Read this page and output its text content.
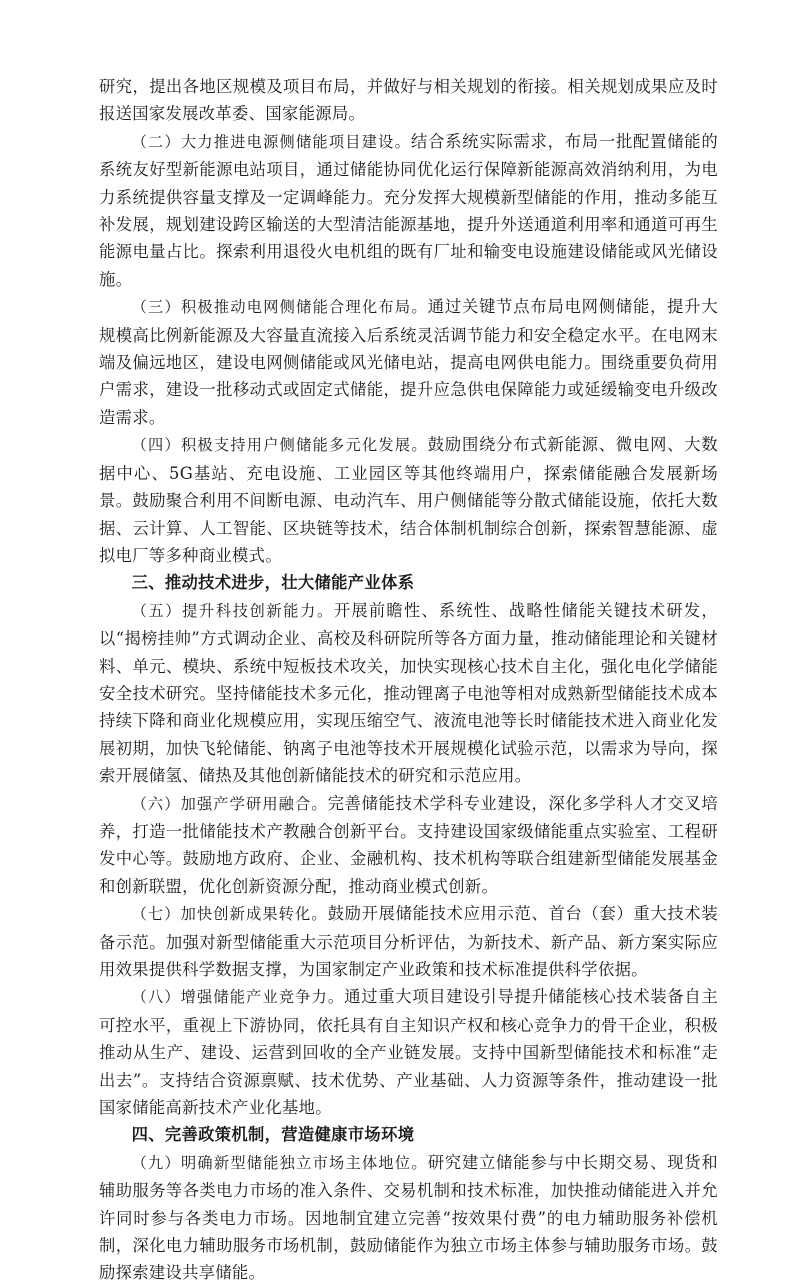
研究，提出各地区规模及项目布局，并做好与相关规划的衔接。相关规划成果应及时报送国家发展改革委、国家能源局。

（二）大力推进电源侧储能项目建设。结合系统实际需求，布局一批配置储能的系统友好型新能源电站项目，通过储能协同优化运行保障新能源高效消纳利用，为电力系统提供容量支撑及一定调峰能力。充分发挥大规模新型储能的作用，推动多能互补发展，规划建设跨区输送的大型清洁能源基地，提升外送通道利用率和通道可再生能源电量占比。探索利用退役火电机组的既有厂址和输变电设施建设储能或风光储设施。

（三）积极推动电网侧储能合理化布局。通过关键节点布局电网侧储能，提升大规模高比例新能源及大容量直流接入后系统灵活调节能力和安全稳定水平。在电网末端及偏远地区，建设电网侧储能或风光储电站，提高电网供电能力。围绕重要负荷用户需求，建设一批移动式或固定式储能，提升应急供电保障能力或延缓输变电升级改造需求。

（四）积极支持用户侧储能多元化发展。鼓励围绕分布式新能源、微电网、大数据中心、5G基站、充电设施、工业园区等其他终端用户，探索储能融合发展新场景。鼓励聚合利用不间断电源、电动汽车、用户侧储能等分散式储能设施，依托大数据、云计算、人工智能、区块链等技术，结合体制机制综合创新，探索智慧能源、虚拟电厂等多种商业模式。

三、推动技术进步，壮大储能产业体系

（五）提升科技创新能力。开展前瞻性、系统性、战略性储能关键技术研发，以“揭榜挂帅”方式调动企业、高校及科研院所等各方面力量，推动储能理论和关键材料、单元、模块、系统中短板技术攻关，加快实现核心技术自主化，强化电化学储能安全技术研究。坚持储能技术多元化，推动锂离子电池等相对成熟新型储能技术成本持续下降和商业化规模应用，实现压缩空气、液流电池等长时储能技术进入商业化发展初期，加快飞轮储能、钠离子电池等技术开展规模化试验示范，以需求为导向，探索开展储氢、储热及其他创新储能技术的研究和示范应用。

（六）加强产学研用融合。完善储能技术学科专业建设，深化多学科人才交叉培养，打造一批储能技术产教融合创新平台。支持建设国家级储能重点实验室、工程研发中心等。鼓励地方政府、企业、金融机构、技术机构等联合组建新型储能发展基金和创新联盟，优化创新资源分配，推动商业模式创新。

（七）加快创新成果转化。鼓励开展储能技术应用示范、首台（套）重大技术装备示范。加强对新型储能重大示范项目分析评估，为新技术、新产品、新方案实际应用效果提供科学数据支撑，为国家制定产业政策和技术标准提供科学依据。

（八）增强储能产业竞争力。通过重大项目建设引导提升储能核心技术装备自主可控水平，重视上下游协同，依托具有自主知识产权和核心竞争力的骨干企业，积极推动从生产、建设、运营到回收的全产业链发展。支持中国新型储能技术和标准“走出去”。支持结合资源禀赋、技术优势、产业基础、人力资源等条件，推动建设一批国家储能高新技术产业化基地。

四、完善政策机制，营造健康市场环境

（九）明确新型储能独立市场主体地位。研究建立储能参与中长期交易、现货和辅助服务等各类电力市场的准入条件、交易机制和技术标准，加快推动储能进入并允许同时参与各类电力市场。因地制宜建立完善“按效果付费”的电力辅助服务补偿机制，深化电力辅助服务市场机制，鼓励储能作为独立市场主体参与辅助服务市场。鼓励探索建设共享储能。
